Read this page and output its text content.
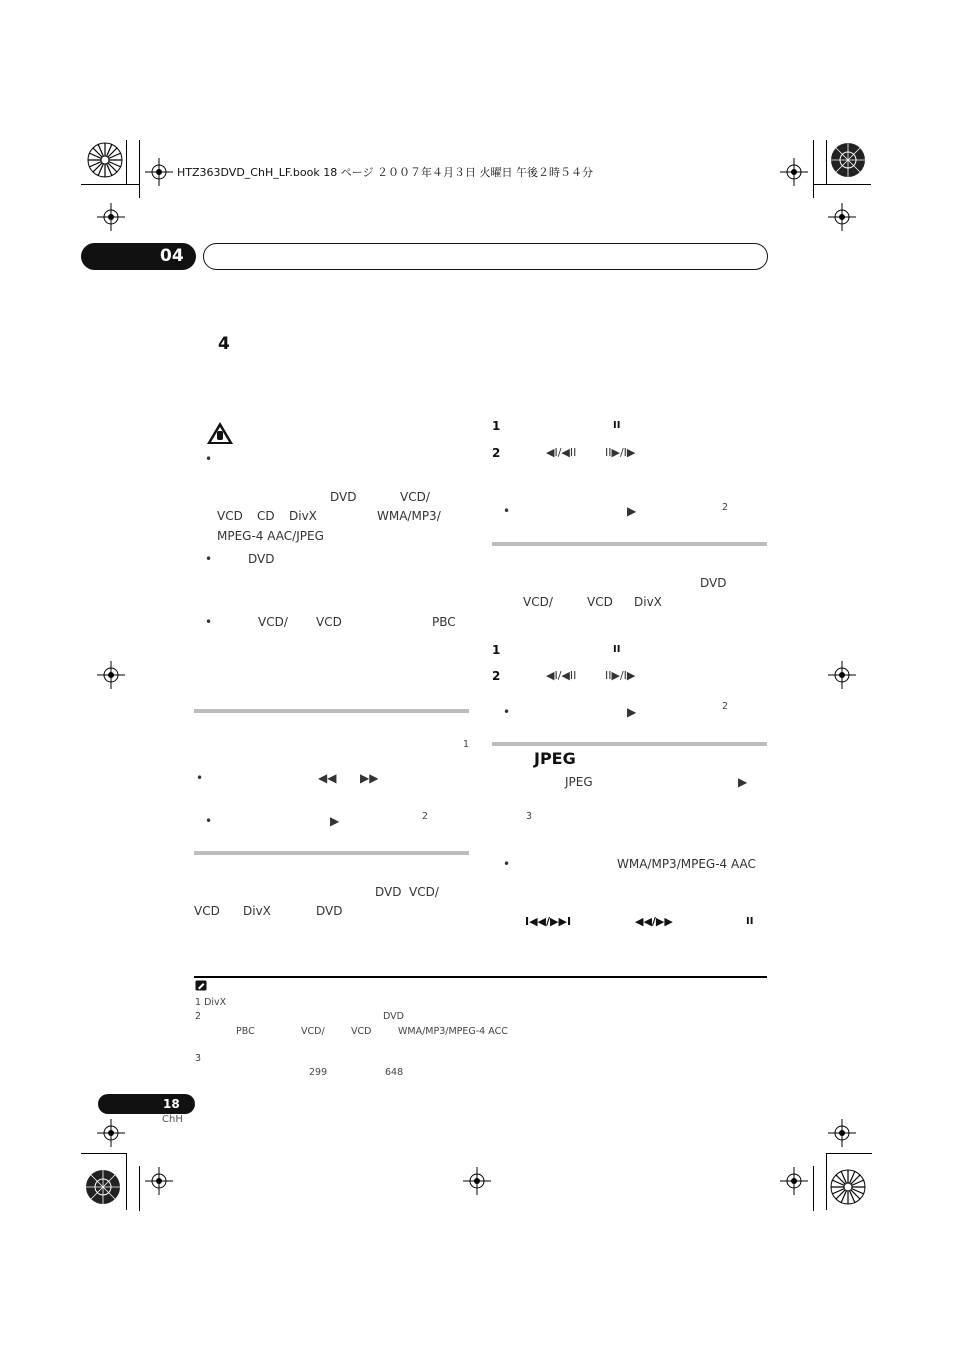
HTZ363DVD_ChH_LF.book 18 ページ ２００７年４月３日 火曜日 午後２時５４分
04
4
•
DVD	VCD/
VCD CD DivX	WMA/MP3/
MPEG-4 AAC/JPEG
•	DVD
•	VCD/ VCD	PBC
1
•	◀◀ ▶▶
•	▶	2
DVD VCD/
VCD DivX	DVD
1	II
2	◀I/◀II	II▶/I▶
•	▶	2
DVD
VCD/	VCD DivX
1	II
2	◀I/◀II	II▶/I▶
•	▶	2
JPEG
JPEG	▶
3
•	WMA/MP3/MPEG-4 AAC
I◀◀/▶▶I	◀◀/▶▶	II
1 DivX
2	DVD
PBC	VCD/	VCD	WMA/MP3/MPEG-4 ACC
3
299	648
18
ChH
